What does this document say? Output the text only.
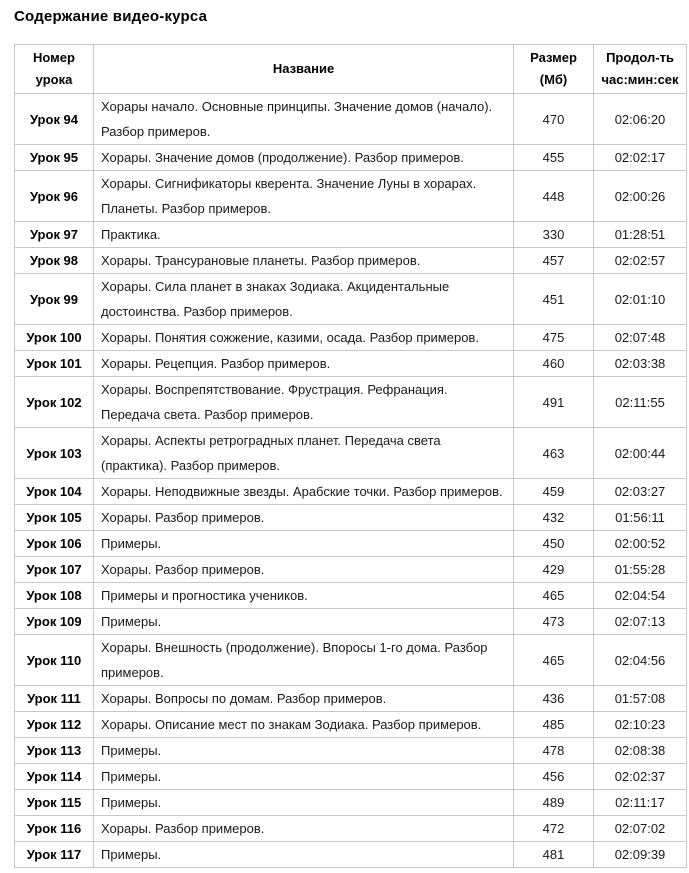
Содержание видео-курса
Номер
урока

Название

Размер
(Мб)

Продол-ть
час:мин:сек

Урок 94	Хорары начало. Основные принципы. Значение домов (начало). Разбор примеров.	470	02:06:20
Урок 95	Хорары. Значение домов (продолжение). Разбор примеров.	455	02:02:17
Урок 96	Хорары. Сигнификаторы кверента. Значение Луны в хорарах. Планеты. Разбор примеров.	448	02:00:26
Урок 97	Практика.	330	01:28:51
Урок 98	Хорары. Трансурановые планеты. Разбор примеров.	457	02:02:57
Урок 99	Хорары. Сила планет в знаках Зодиака. Акцидентальные достоинства. Разбор примеров.	451	02:01:10
Урок 100	Хорары. Понятия сожжение, казими, осада. Разбор примеров.	475	02:07:48
Урок 101	Хорары. Рецепция. Разбор примеров.	460	02:03:38
Урок 102	Хорары. Воспрепятствование. Фрустрация. Рефранация. Передача света. Разбор примеров.	491	02:11:55
Урок 103	Хорары. Аспекты ретроградных планет. Передача света (практика). Разбор примеров.	463	02:00:44
Урок 104	Хорары. Неподвижные звезды. Арабские точки. Разбор примеров.	459	02:03:27
Урок 105	Хорары. Разбор примеров.	432	01:56:11
Урок 106	Примеры.	450	02:00:52
Урок 107	Хорары. Разбор примеров.	429	01:55:28
Урок 108	Примеры и прогностика учеников.	465	02:04:54
Урок 109	Примеры.	473	02:07:13
Урок 110	Хорары. Внешность (продолжение). Впоросы 1-го дома. Разбор примеров.	465	02:04:56
Урок 111	Хорары. Вопросы по домам. Разбор примеров.	436	01:57:08
Урок 112	Хорары. Описание мест по знакам Зодиака. Разбор примеров.	485	02:10:23
Урок 113	Примеры.	478	02:08:38
Урок 114	Примеры.	456	02:02:37
Урок 115	Примеры.	489	02:11:17
Урок 116	Хорары. Разбор примеров.	472	02:07:02
Урок 117	Примеры.	481	02:09:39
